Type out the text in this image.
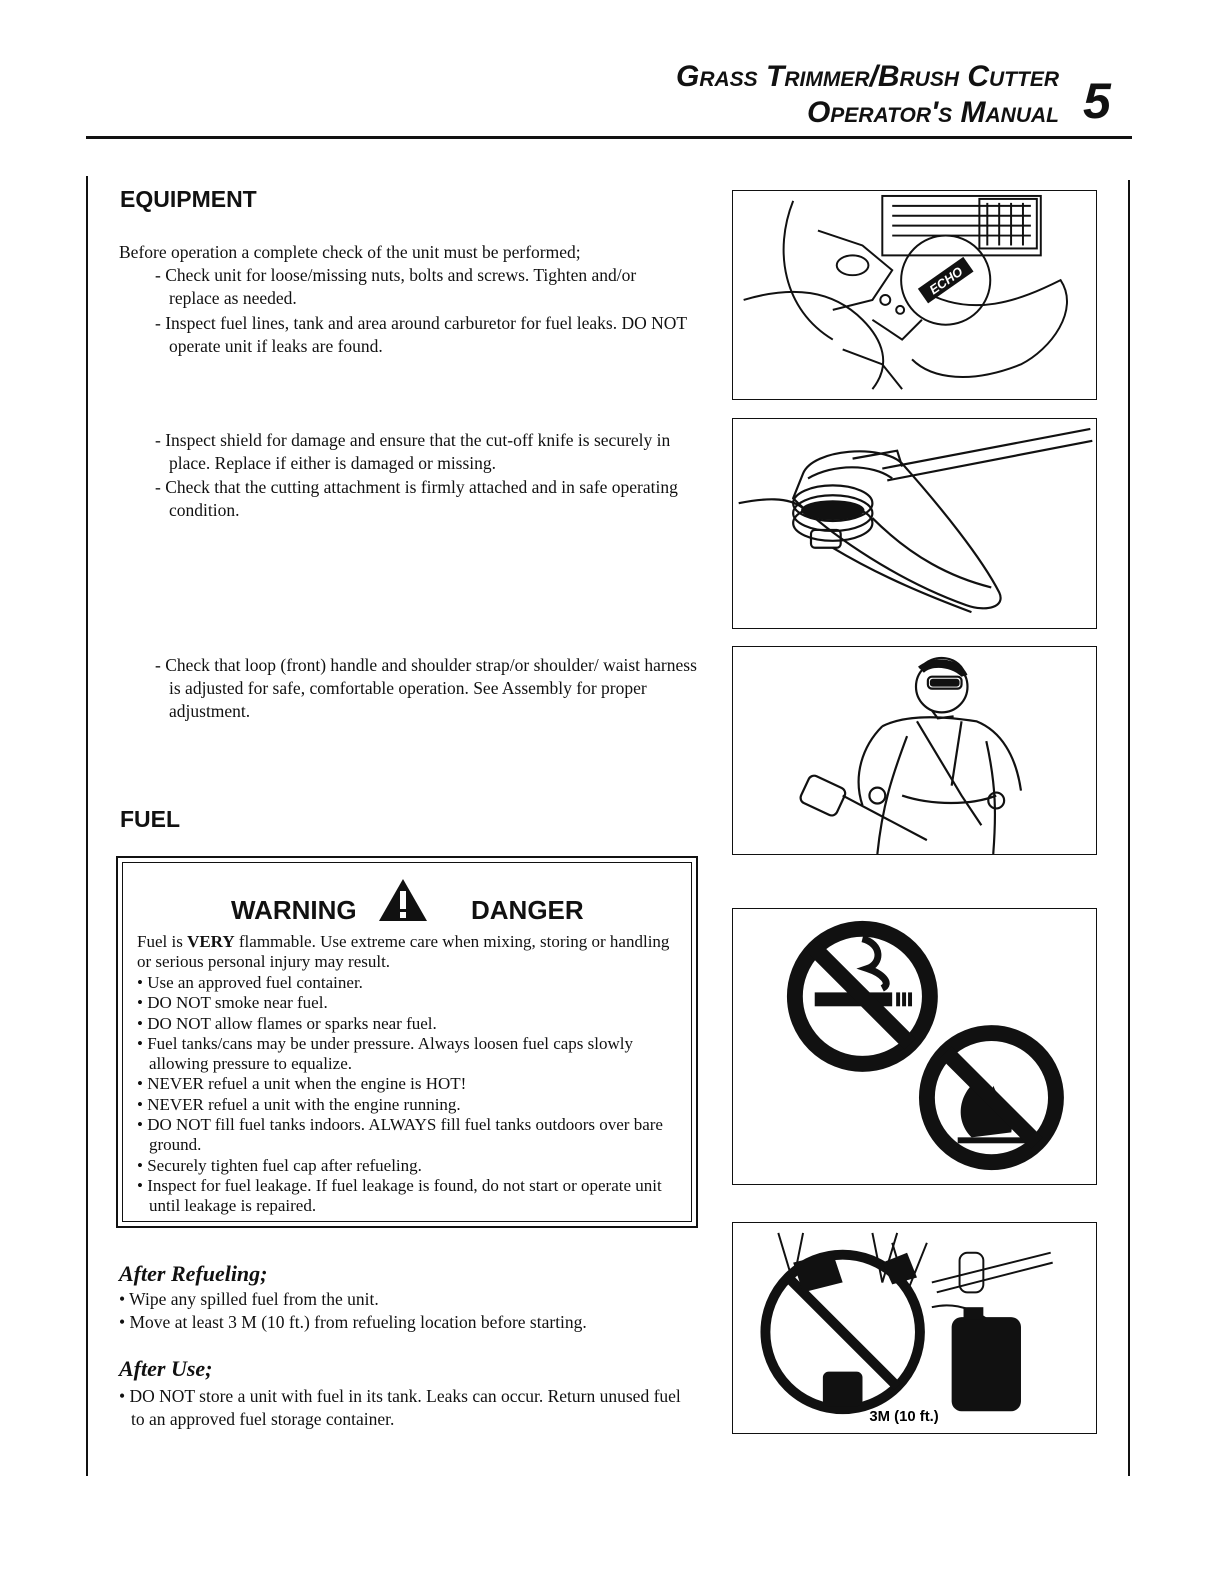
Grass Trimmer/Brush Cutter
Operator's Manual 5
EQUIPMENT
Before operation a complete check of the unit must be performed;
- Check unit for loose/missing nuts, bolts and screws. Tighten and/or replace as needed.
- Inspect fuel lines, tank and area around carburetor for fuel leaks. DO NOT operate unit if leaks are found.
- Inspect shield for damage and ensure that the cut-off knife is securely in place. Replace if either is damaged or missing.
- Check that the cutting attachment is firmly attached and in safe operating condition.
- Check that loop (front) handle and shoulder strap/or shoulder/ waist harness is adjusted for safe, comfortable operation. See Assembly for proper adjustment.
FUEL
WARNING	DANGER
Fuel is VERY flammable. Use extreme care when mixing, storing or handling or serious personal injury may result.
• Use an approved fuel container.
• DO NOT smoke near fuel.
• DO NOT allow flames or sparks near fuel.
• Fuel tanks/cans may be under pressure. Always loosen fuel caps slowly allowing pressure to equalize.
• NEVER refuel a unit when the engine is HOT!
• NEVER refuel a unit with the engine running.
• DO NOT fill fuel tanks indoors. ALWAYS fill fuel tanks outdoors over bare ground.
• Securely tighten fuel cap after refueling.
• Inspect for fuel leakage. If fuel leakage is found, do not start or operate unit until leakage is repaired.
After Refueling;
• Wipe any spilled fuel from the unit.
• Move at least 3 M (10 ft.) from refueling location before starting.
After Use;
• DO NOT store a unit with fuel in its tank. Leaks can occur. Return unused fuel to an approved fuel storage container.
ECHO
3M (10 ft.)
